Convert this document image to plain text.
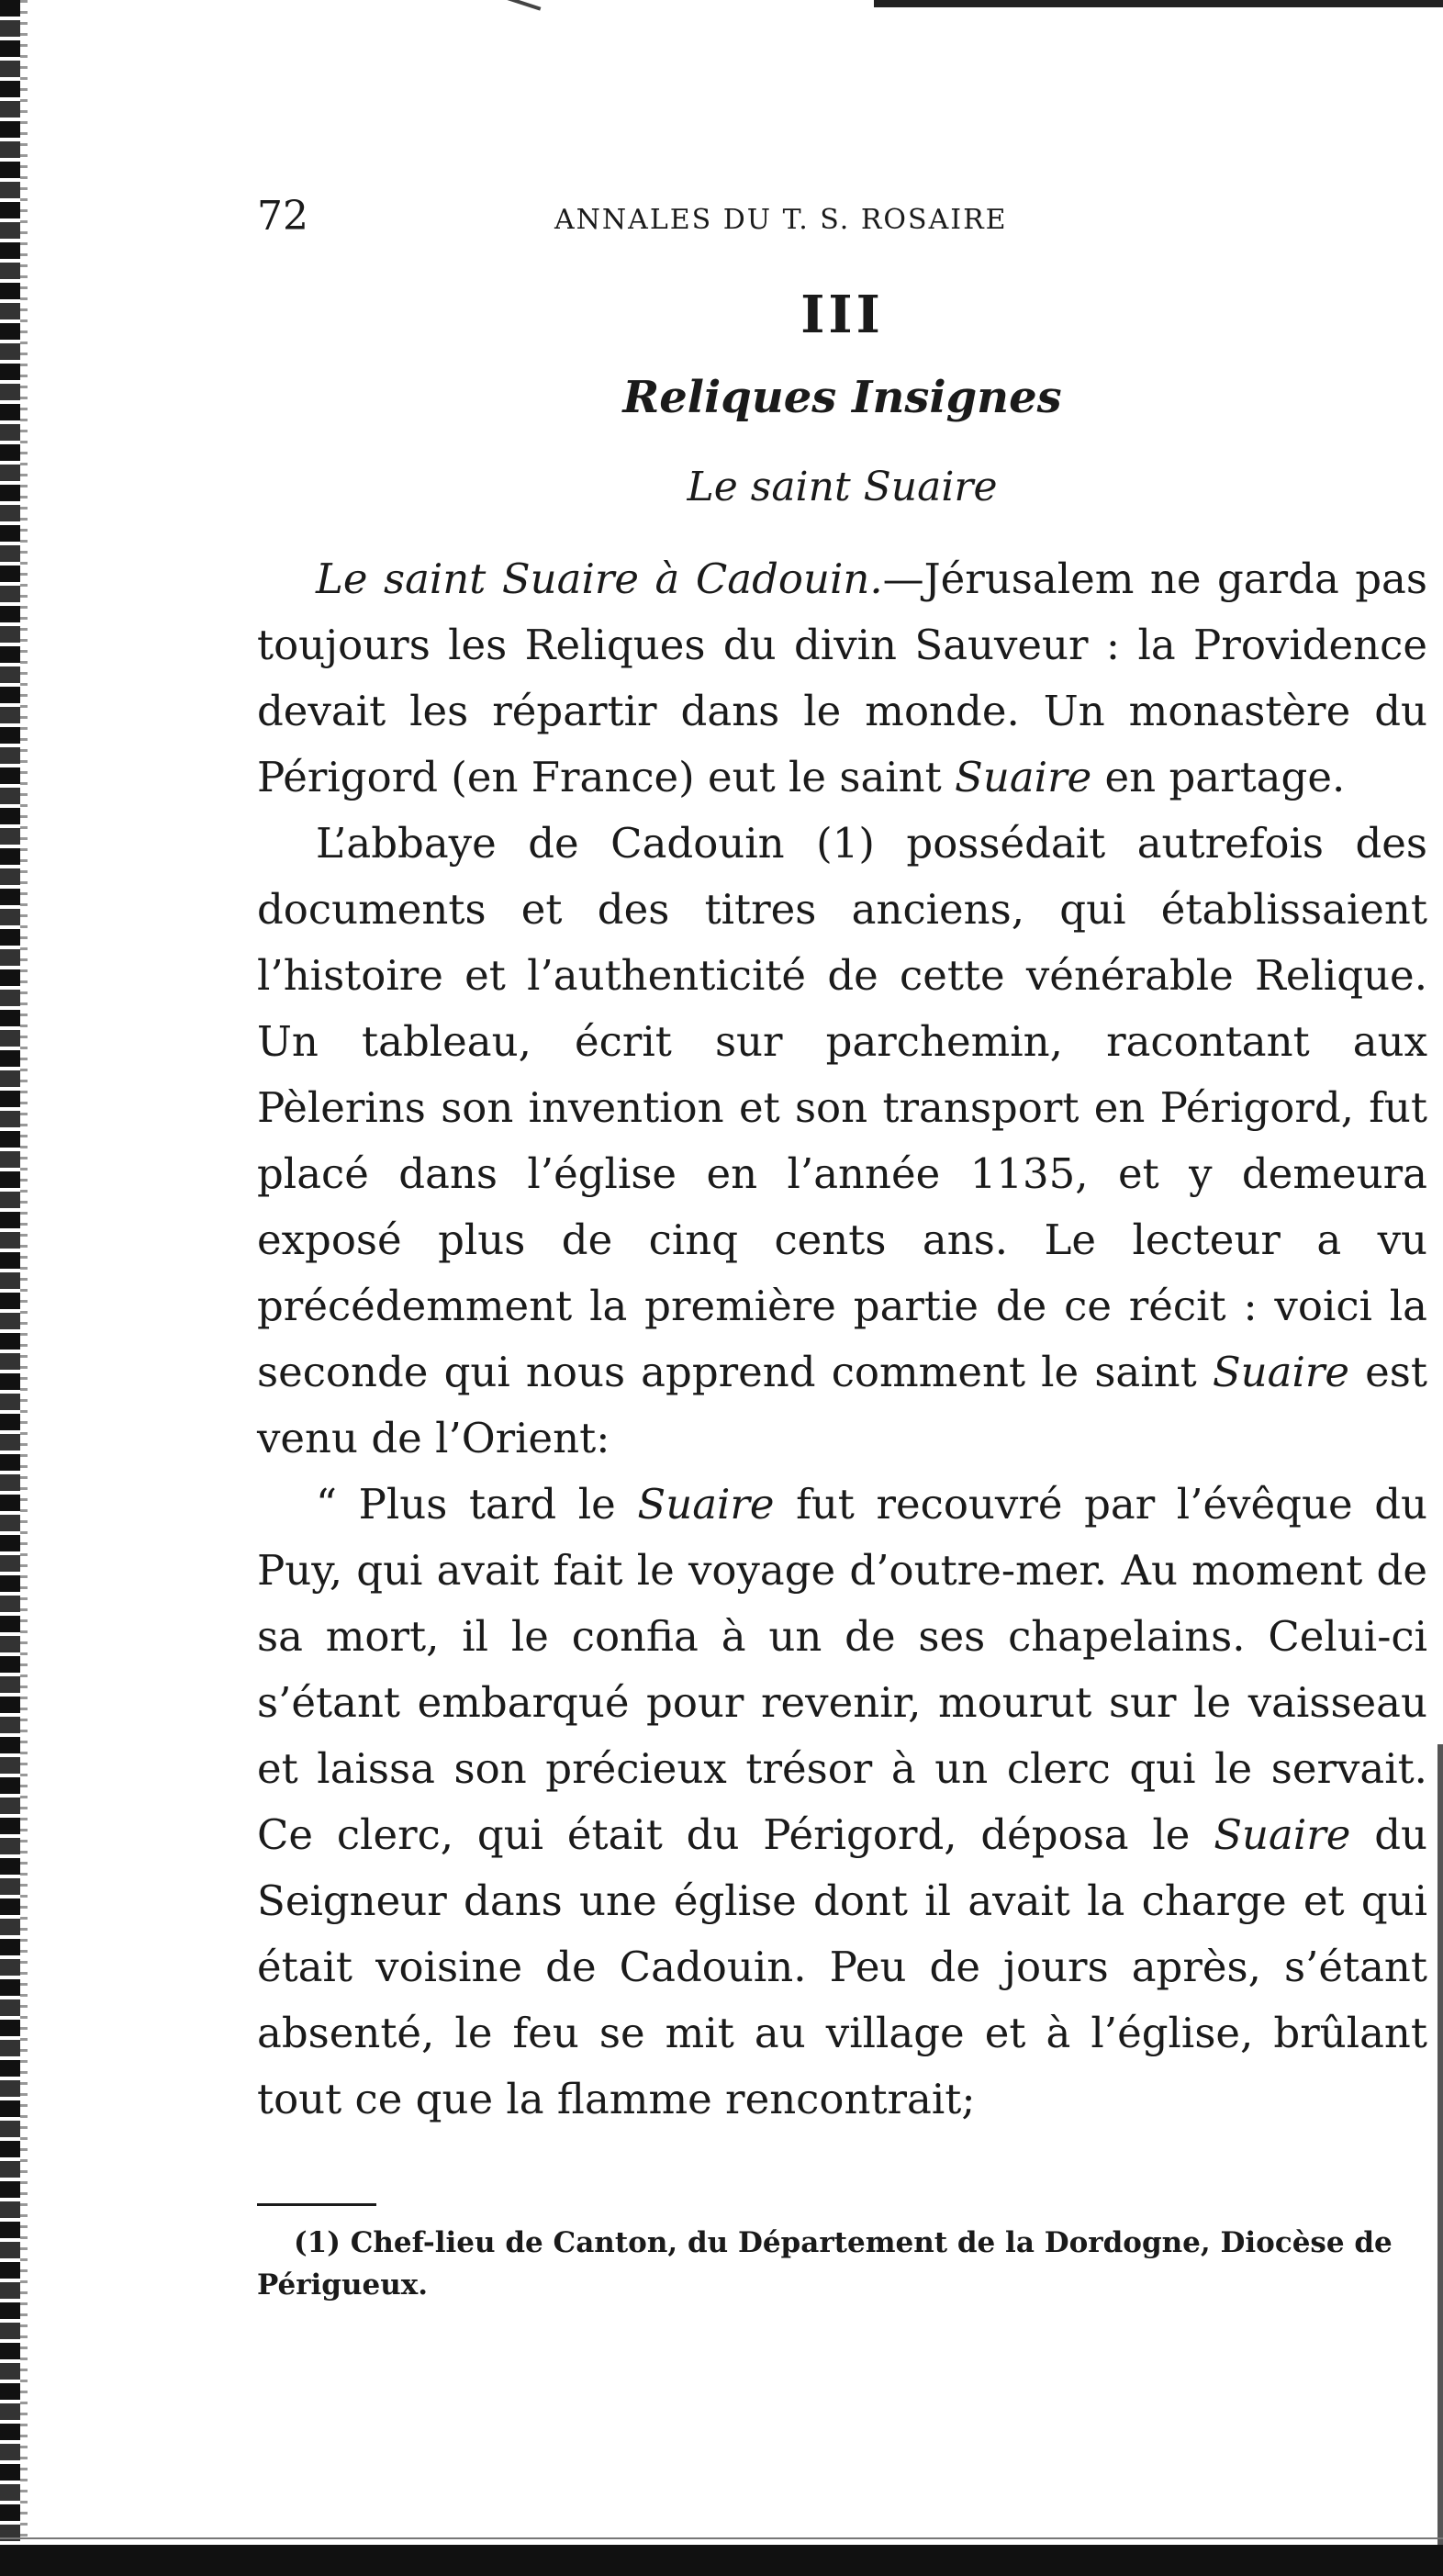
72	ANNALES DU T. S. ROSAIRE
III
Reliques Insignes
Le saint Suaire

Le saint Suaire à Cadouin.—Jérusalem ne garda pas toujours les Reliques du divin Sauveur : la Providence devait les répartir dans le monde. Un monastère du Périgord (en France) eut le saint Suaire en partage.

L’abbaye de Cadouin (1) possédait autrefois des documents et des titres anciens, qui établissaient l’histoire et l’authenticité de cette vénérable Relique. Un tableau, écrit sur parchemin, racontant aux Pèlerins son invention et son transport en Périgord, fut placé dans l’église en l’année 1135, et y demeura exposé plus de cinq cents ans. Le lecteur a vu précédemment la première partie de ce récit : voici la seconde qui nous apprend comment le saint Suaire est venu de l’Orient:

“ Plus tard le Suaire fut recouvré par l’évêque du Puy, qui avait fait le voyage d’outre-mer. Au moment de sa mort, il le confia à un de ses chapelains. Celui-ci s’étant embarqué pour revenir, mourut sur le vaisseau et laissa son précieux trésor à un clerc qui le servait. Ce clerc, qui était du Périgord, déposa le Suaire du Seigneur dans une église dont il avait la charge et qui était voisine de Cadouin. Peu de jours après, s’étant absenté, le feu se mit au village et à l’église, brûlant tout ce que la flamme rencontrait;

(1) Chef-lieu de Canton, du Département de la Dordogne, Diocèse de Périgueux.
